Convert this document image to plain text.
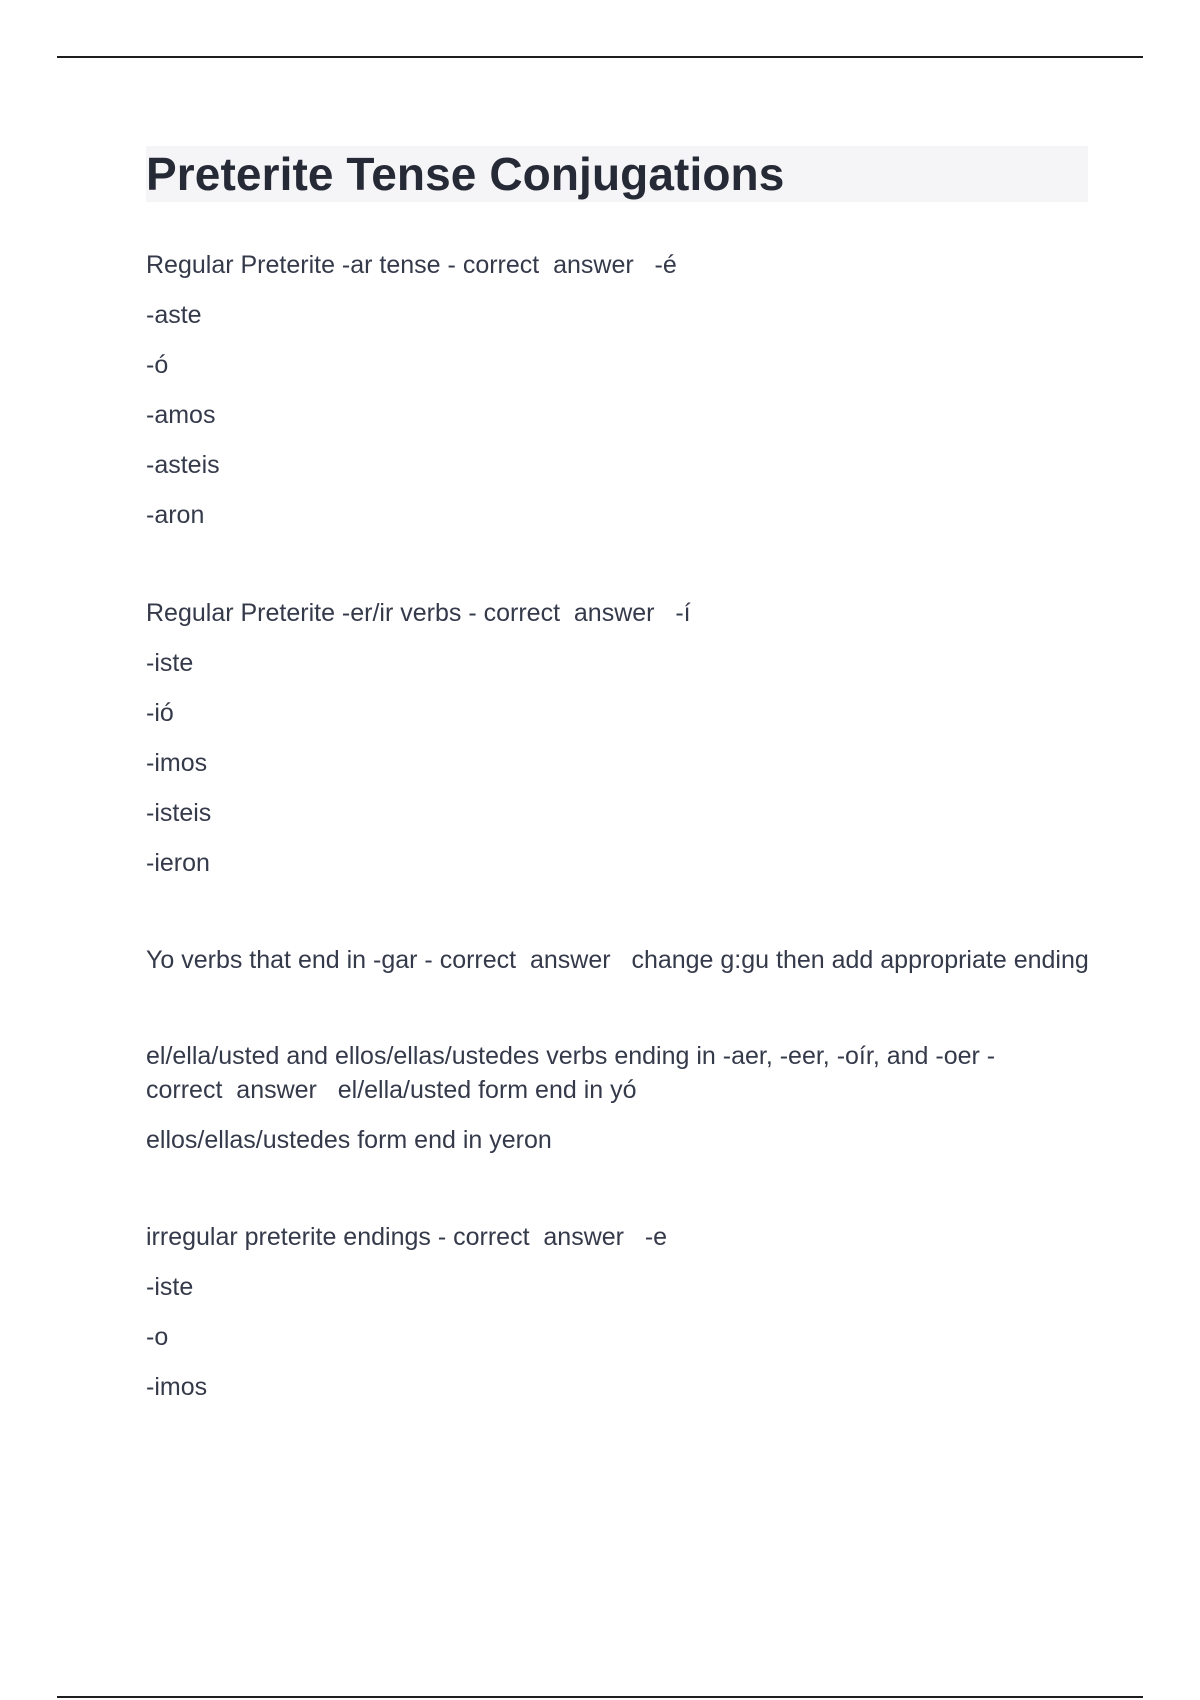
Preterite Tense Conjugations
Regular Preterite -ar tense - correct  answer -é
-aste
-ó
-amos
-asteis
-aron
Regular Preterite -er/ir verbs - correct  answer -í
-iste
-ió
-imos
-isteis
-ieron
Yo verbs that end in -gar - correct  answer change g:gu then add appropriate ending
el/ella/usted and ellos/ellas/ustedes verbs ending in -aer, -eer, -oír, and -oer -
correct  answer el/ella/usted form end in yó
ellos/ellas/ustedes form end in yeron
irregular preterite endings - correct  answer -e
-iste
-o
-imos
